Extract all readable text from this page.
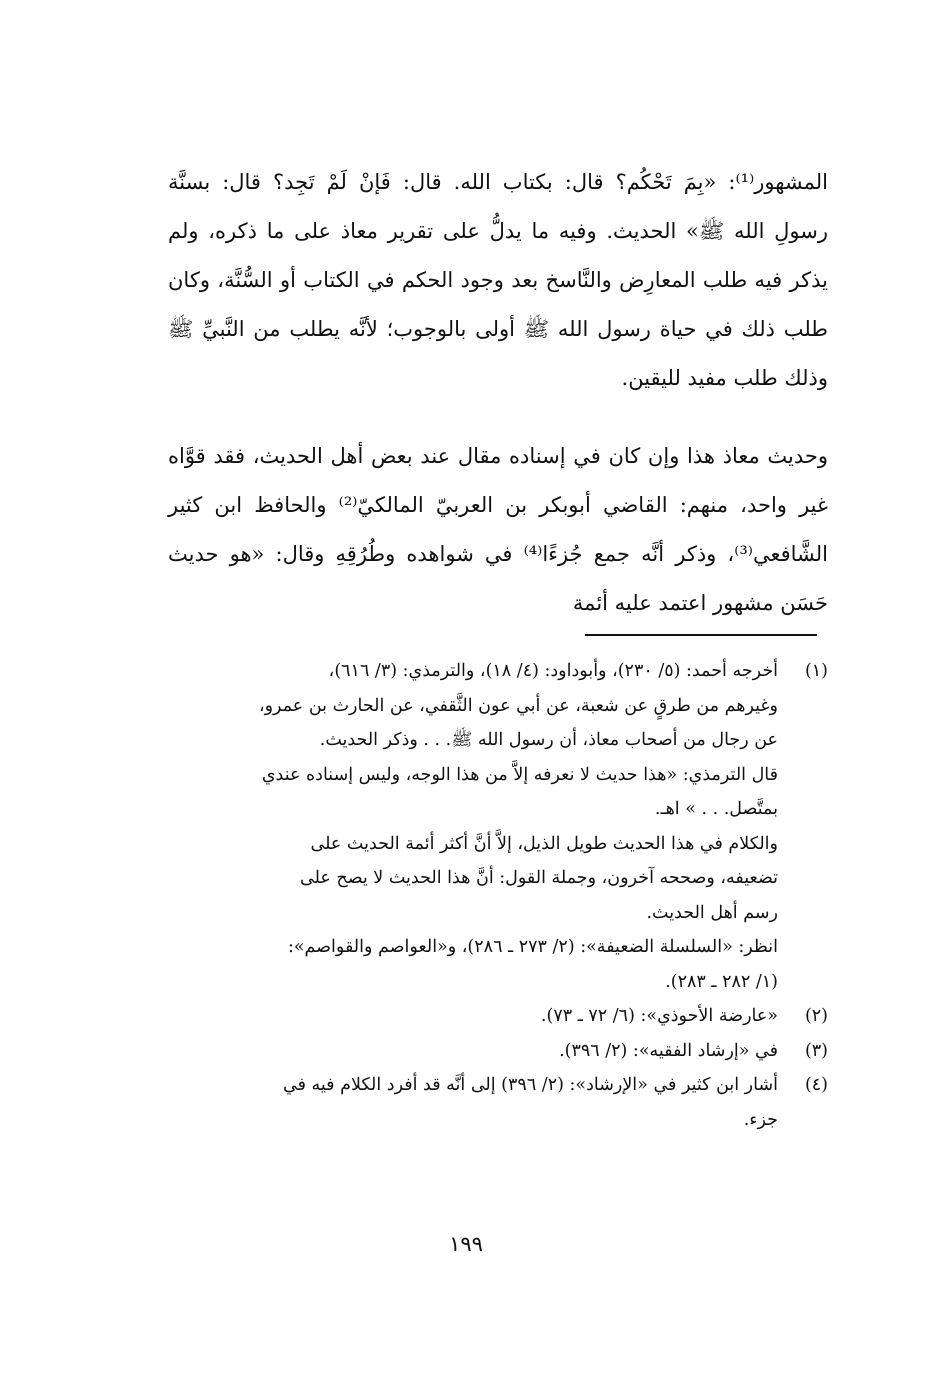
المشهور⁽¹⁾: «بِمَ تَحْكُم؟ قال: بكتاب الله. قال: فَإنْ لَمْ تَجِد؟ قال: بسنَّة رسولِ الله ﷺ» الحديث. وفيه ما يدلُّ على تقرير معاذ على ما ذكره، ولم يذكر فيه طلب المعارِض والنَّاسخ بعد وجود الحكم في الكتاب أو السُّنَّة، وكان طلب ذلك في حياة رسول الله ﷺ أولى بالوجوب؛ لأنَّه يطلب من النَّبيِّ ﷺ وذلك طلب مفيد لليقين.

وحديث معاذ هذا وإن كان في إسناده مقال عند بعض أهل الحديث، فقد قوَّاه غير واحد، منهم: القاضي أبوبكر بن العربيّ المالكيّ⁽²⁾ والحافظ ابن كثير الشَّافعي⁽³⁾، وذكر أنَّه جمع جُزءًا⁽⁴⁾ في شواهده وطُرُقِهِ وقال: «هو حديث حَسَن مشهور اعتمد عليه أئمة

(١)
أخرجه أحمد: (٥/ ٢٣٠)، وأبوداود: (٤/ ١٨)، والترمذي: (٣/ ٦١٦)،
وغيرهم من طرقٍ عن شعبة، عن أبي عون الثَّقفي، عن الحارث بن عمرو،
عن رجال من أصحاب معاذ، أن رسول الله ﷺ. . . وذكر الحديث.
قال الترمذي: «هذا حديث لا نعرفه إلاَّ من هذا الوجه، وليس إسناده عندي
بمتَّصل. . . » اهـ.
والكلام في هذا الحديث طويل الذيل، إلاَّ أنَّ أكثر أئمة الحديث على
تضعيفه، وصححه آخرون، وجملة القول: أنَّ هذا الحديث لا يصح على
رسم أهل الحديث.
انظر: «السلسلة الضعيفة»: (٢/ ٢٧٣ ـ ٢٨٦)، و«العواصم والقواصم»:
(١/ ٢٨٢ ـ ٢٨٣).
(٢)
«عارضة الأحوذي»: (٦/ ٧٢ ـ ٧٣).
(٣)
في «إرشاد الفقيه»: (٢/ ٣٩٦).
(٤)
أشار ابن كثير في «الإرشاد»: (٢/ ٣٩٦) إلى أنَّه قد أفرد الكلام فيه في
جزء.
١٩٩
